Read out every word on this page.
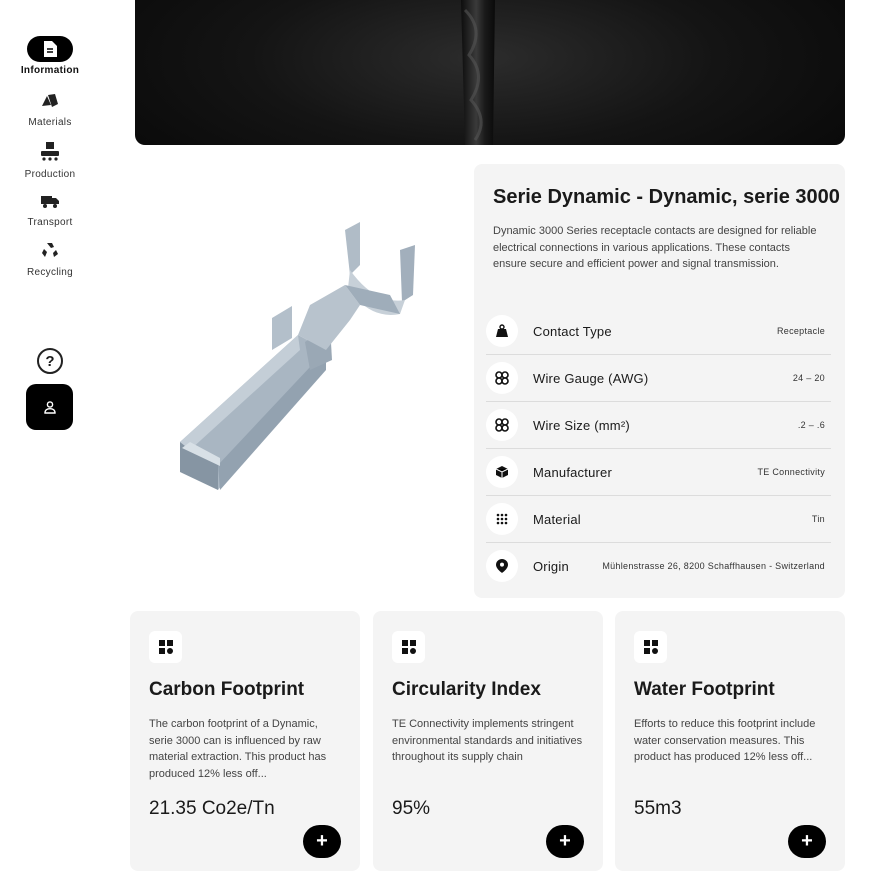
Information
Materials
Production
Transport
Recycling
?
Serie Dynamic - Dynamic, serie 3000

Dynamic 3000 Series receptacle contacts are designed for reliable electrical connections in various applications. These contacts ensure secure and efficient power and signal transmission.

Contact Type	Receptacle
Wire Gauge (AWG)	24 – 20
Wire Size (mm²)	.2 – .6
Manufacturer	TE Connectivity
Material	Tin
Origin	Mühlenstrasse 26, 8200 Schaffhausen - Switzerland
Carbon Footprint

The carbon footprint of a Dynamic, serie 3000 can is influenced by raw material extraction. This product has produced 12% less off...

21.35 Co2e/Tn
+
Circularity Index

TE Connectivity implements stringent environmental standards and initiatives throughout its supply chain

95%
+
Water Footprint

Efforts to reduce this footprint include water conservation measures. This product has produced 12% less off...

55m3
+
